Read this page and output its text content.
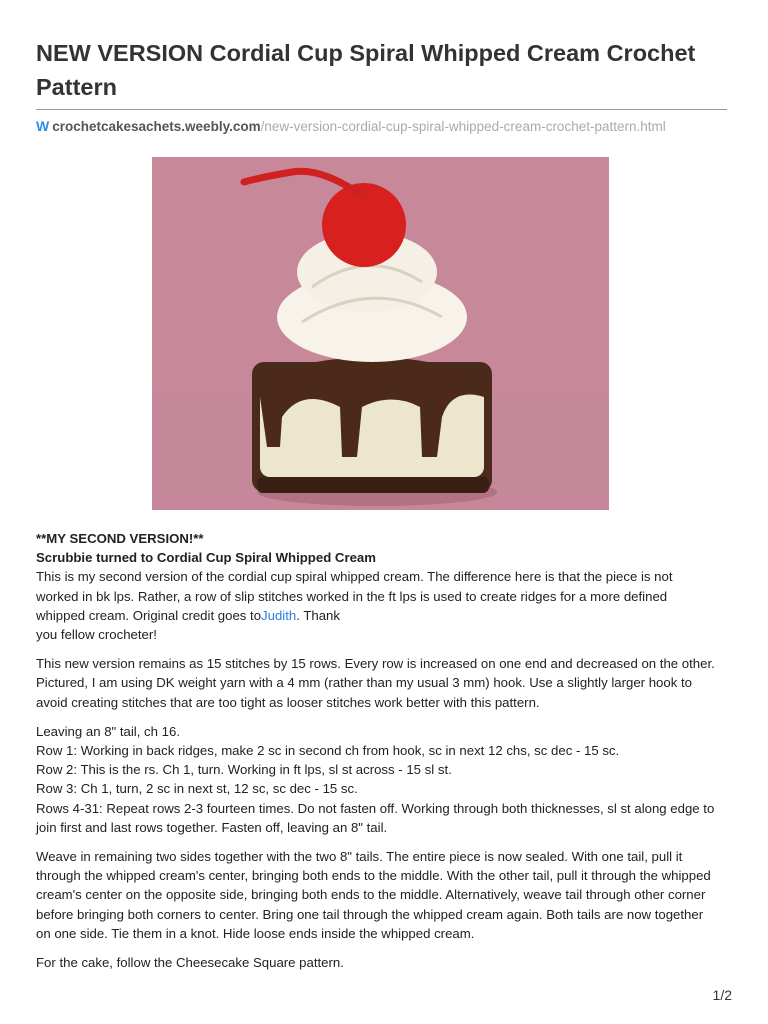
NEW VERSION Cordial Cup Spiral Whipped Cream Crochet Pattern
W crochetcakesachets.weebly.com/new-version-cordial-cup-spiral-whipped-cream-crochet-pattern.html
**MY SECOND VERSION!**
Scrubbie turned to Cordial Cup Spiral Whipped Cream

This is my second version of the cordial cup spiral whipped cream. The difference here is that the piece is not
worked in bk lps. Rather, a row of slip stitches worked in the ft lps is used to create ridges for a more defined
whipped cream. Original credit goes toJudith. Thank
you fellow crocheter!

This new version remains as 15 stitches by 15 rows. Every row is increased on one end and decreased on the other.
Pictured, I am using DK weight yarn with a 4 mm (rather than my usual 3 mm) hook. Use a slightly larger hook to
avoid creating stitches that are too tight as looser stitches work better with this pattern.

Leaving an 8" tail, ch 16.
Row 1: Working in back ridges, make 2 sc in second ch from hook, sc in next 12 chs, sc dec - 15 sc.
Row 2: This is the rs. Ch 1, turn. Working in ft lps, sl st across - 15 sl st.
Row 3: Ch 1, turn, 2 sc in next st, 12 sc, sc dec - 15 sc.
Rows 4-31: Repeat rows 2-3 fourteen times. Do not fasten off. Working through both thicknesses, sl st along edge to
join first and last rows together. Fasten off, leaving an 8" tail.

Weave in remaining two sides together with the two 8" tails. The entire piece is now sealed. With one tail, pull it
through the whipped cream's center, bringing both ends to the middle. With the other tail, pull it through the whipped
cream's center on the opposite side, bringing both ends to the middle. Alternatively, weave tail through other corner
before bringing both corners to center. Bring one tail through the whipped cream again. Both tails are now together
on one side. Tie them in a knot. Hide loose ends inside the whipped cream.

For the cake, follow the Cheesecake Square pattern.

1/2
